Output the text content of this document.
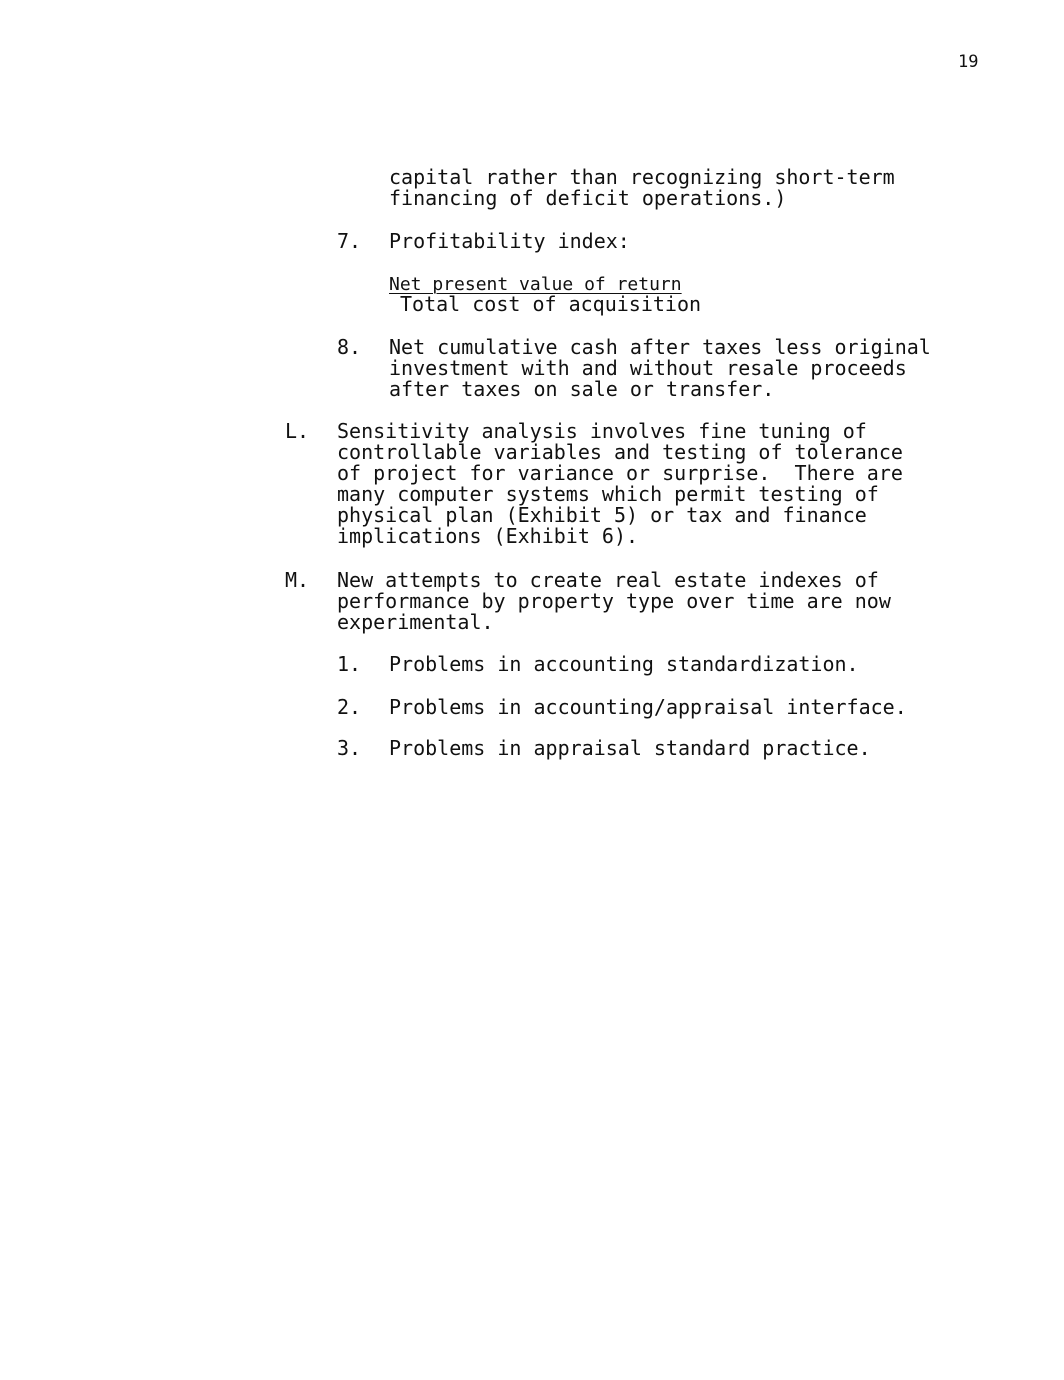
19
capital rather than recognizing short-term
financing of deficit operations.)
7. Profitability index:
Net present value of return
Total cost of acquisition
8. Net cumulative cash after taxes less original
investment with and without resale proceeds
after taxes on sale or transfer.
L. Sensitivity analysis involves fine tuning of
controllable variables and testing of tolerance
of project for variance or surprise.  There are
many computer systems which permit testing of
physical plan (Exhibit 5) or tax and finance
implications (Exhibit 6).
M. New attempts to create real estate indexes of
performance by property type over time are now
experimental.
1. Problems in accounting standardization.
2. Problems in accounting/appraisal interface.
3. Problems in appraisal standard practice.
